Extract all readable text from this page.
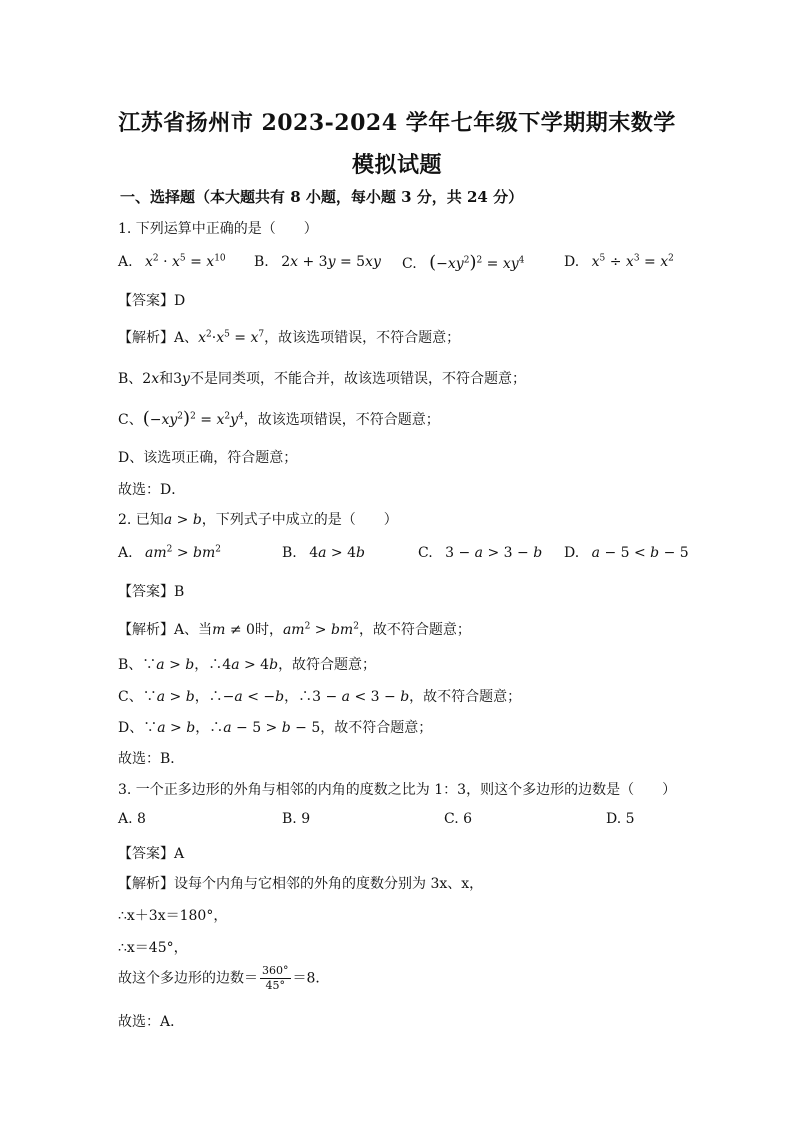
江苏省扬州市 2023-2024 学年七年级下学期期末数学
模拟试题
一、选择题（本大题共有 8 小题，每小题 3 分，共 24 分）
1. 下列运算中正确的是（　　）
A. $x^2 \cdot x^5 = x^{10}$ B. 2x + 3y = 5xy C. $(-xy^2)^2 = xy^4$	D. $x^5 \div x^3 = x^2$
【答案】D
【解析】A、$x^2\cdot x^5 = x^7$，故该选项错误，不符合题意；
B、2x和3y不是同类项，不能合并，故该选项错误，不符合题意；
C、$(-xy^2)^2 = x^2y^4$，故该选项错误，不符合题意；
D、该选项正确，符合题意；
故选：D．
2. 已知a > b，下列式子中成立的是（　　）
A. $am^2 > bm^2$	B. 4a > 4b	C. 3 − a > 3 − b D. a − 5 < b − 5
【答案】B
【解析】A、当m ≠ 0时，$am^2 > bm^2$，故不符合题意；
B、∵a > b，∴4a > 4b，故符合题意；
C、∵a > b，∴−a < −b，∴3 − a < 3 − b，故不符合题意；
D、∵a > b，∴a − 5 > b − 5，故不符合题意；
故选：B．
3. 一个正多边形的外角与相邻的内角的度数之比为 1：3，则这个多边形的边数是（　　）
A. 8	B. 9	C. 6	D. 5
【答案】A
【解析】设每个内角与它相邻的外角的度数分别为 3x、x，
∴x＋3x＝180°，
∴x＝45°，
故这个多边形的边数＝ $\frac{360^\circ}{45^\circ} =8$．
故选：A．
